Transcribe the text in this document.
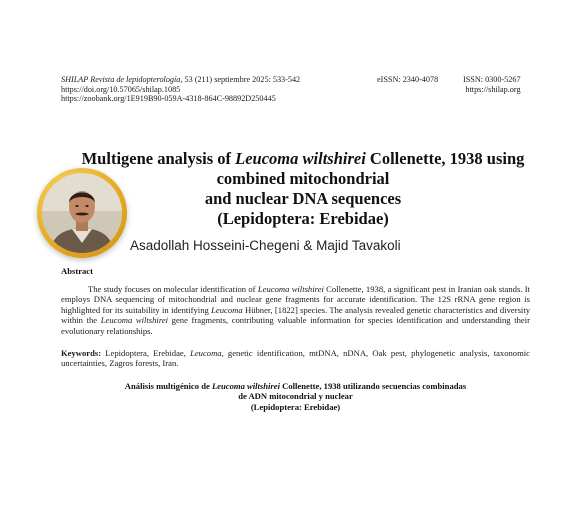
SHILAP Revista de lepidopterología, 53 (211) septiembre 2025: 533-542
https://doi.org/10.57065/shilap.1085
https://zoobank.org/1E919B90-059A-4318-864C-98892D250445
eISSN: 2340-4078	ISSN: 0300-5267
https://shilap.org
Multigene analysis of Leucoma wiltshirei Collenette, 1938 using combined mitochondrial
and nuclear DNA sequences
(Lepidoptera: Erebidae)
Asadollah Hosseini-Chegeni & Majid Tavakoli
Abstract
The study focuses on molecular identification of Leucoma wiltshirei Collenette, 1938, a significant pest in Iranian oak stands. It employs DNA sequencing of mitochondrial and nuclear gene fragments for accurate identification. The 12S rRNA gene region is highlighted for its suitability in identifying Leucoma Hübner, [1822] species. The analysis revealed genetic characteristics and diversity within the Leucoma wiltshirei gene fragments, contributing valuable information for species identification and understanding their evolutionary relationships.
Keywords: Lepidoptera, Erebidae, Leucoma, genetic identification, mtDNA, nDNA, Oak pest, phylogenetic analysis, taxonomic uncertainties, Zagros forests, Iran.
Análisis multigénico de Leucoma wiltshirei Collenette, 1938 utilizando secuencias combinadas
de ADN mitocondrial y nuclear
(Lepidoptera: Erebidae)
